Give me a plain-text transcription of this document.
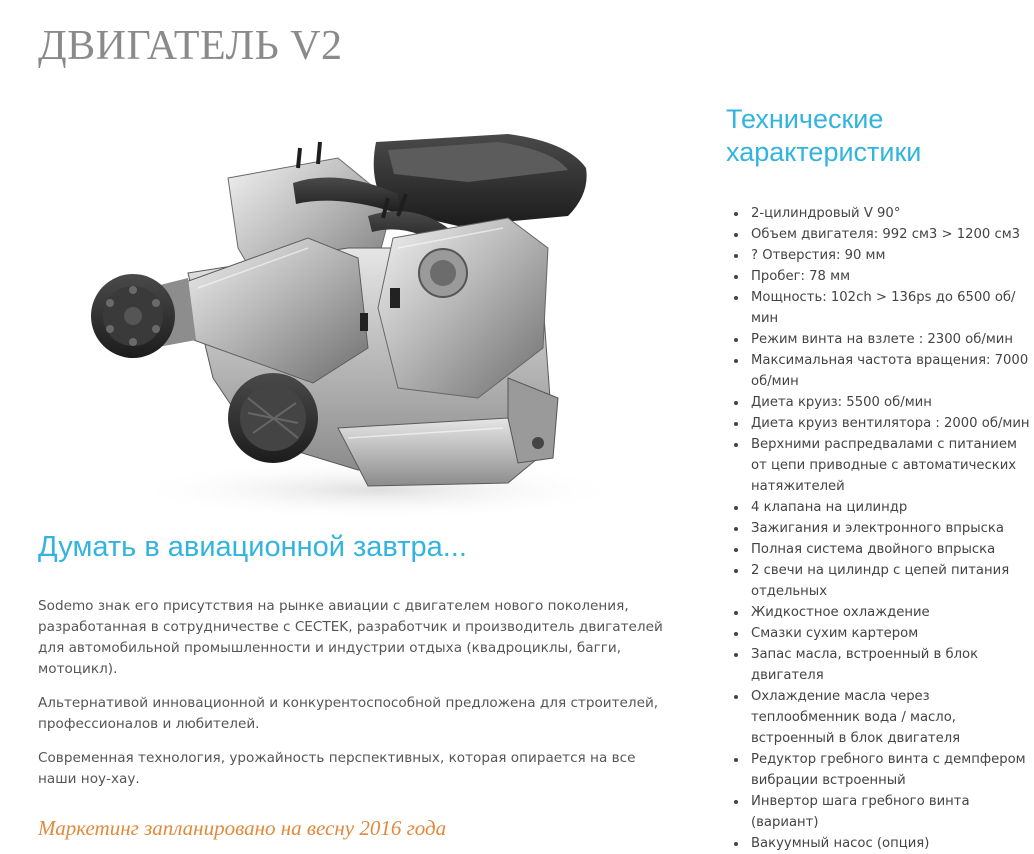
ДВИГАТЕЛЬ V2
Думать в авиационной завтра...

Sodemo знак его присутствия на рынке авиации с двигателем нового поколения, разработанная в сотрудничестве с CECTEK, разработчик и производитель двигателей для автомобильной промышленности и индустрии отдыха (квадроциклы, багги, мотоцикл).

Альтернативой инновационной и конкурентоспособной предложена для строителей, профессионалов и любителей.

Современная технология, урожайность перспективных, которая опирается на все наши ноу-хау.

Маркетинг запланировано на весну 2016 года

Технические характеристики
2-цилиндровый V 90°
Объем двигателя: 992 см3 > 1200 см3
? Отверстия: 90 мм
Пробег: 78 мм
Мощность: 102ch > 136ps до 6500 об/мин
Режим винта на взлете : 2300 об/мин
Максимальная частота вращения: 7000 об/мин
Диета круиз: 5500 об/мин
Диета круиз вентилятора : 2000 об/мин
Верхними распредвалами с питанием от цепи приводные с автоматических натяжителей
4 клапана на цилиндр
Зажигания и электронного впрыска
Полная система двойного впрыска
2 свечи на цилиндр с цепей питания отдельных
Жидкостное охлаждение
Смазки сухим картером
Запас масла, встроенный в блок двигателя
Охлаждение масла через теплообменник вода / масло, встроенный в блок двигателя
Редуктор гребного винта с демпфером вибрации встроенный
Инвертор шага гребного винта (вариант)
Вакуумный насос (опция)
